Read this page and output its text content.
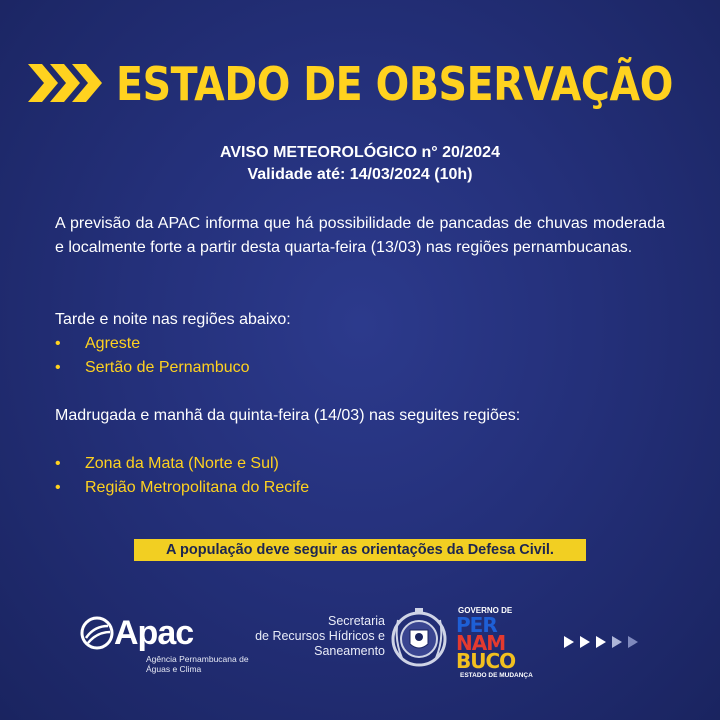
ESTADO DE OBSERVAÇÃO
AVISO METEOROLÓGICO n° 20/2024
Validade até: 14/03/2024 (10h)
A previsão da APAC informa que há possibilidade de pancadas de chuvas moderada e localmente forte a partir desta quarta-feira (13/03) nas regiões pernambucanas.
Tarde e noite nas regiões abaixo:
• Agreste
• Sertão de Pernambuco
Madrugada e manhã da quinta-feira (14/03) nas seguites regiões:
• Zona da Mata (Norte e Sul)
• Região Metropolitana do Recife
A população deve seguir as orientações da Defesa Civil.
Apac
Agência Pernambucana de Águas e Clima
Secretaria
de Recursos Hídricos e
Saneamento
GOVERNO DE
PER
NAM
BUCO
ESTADO DE MUDANÇA
